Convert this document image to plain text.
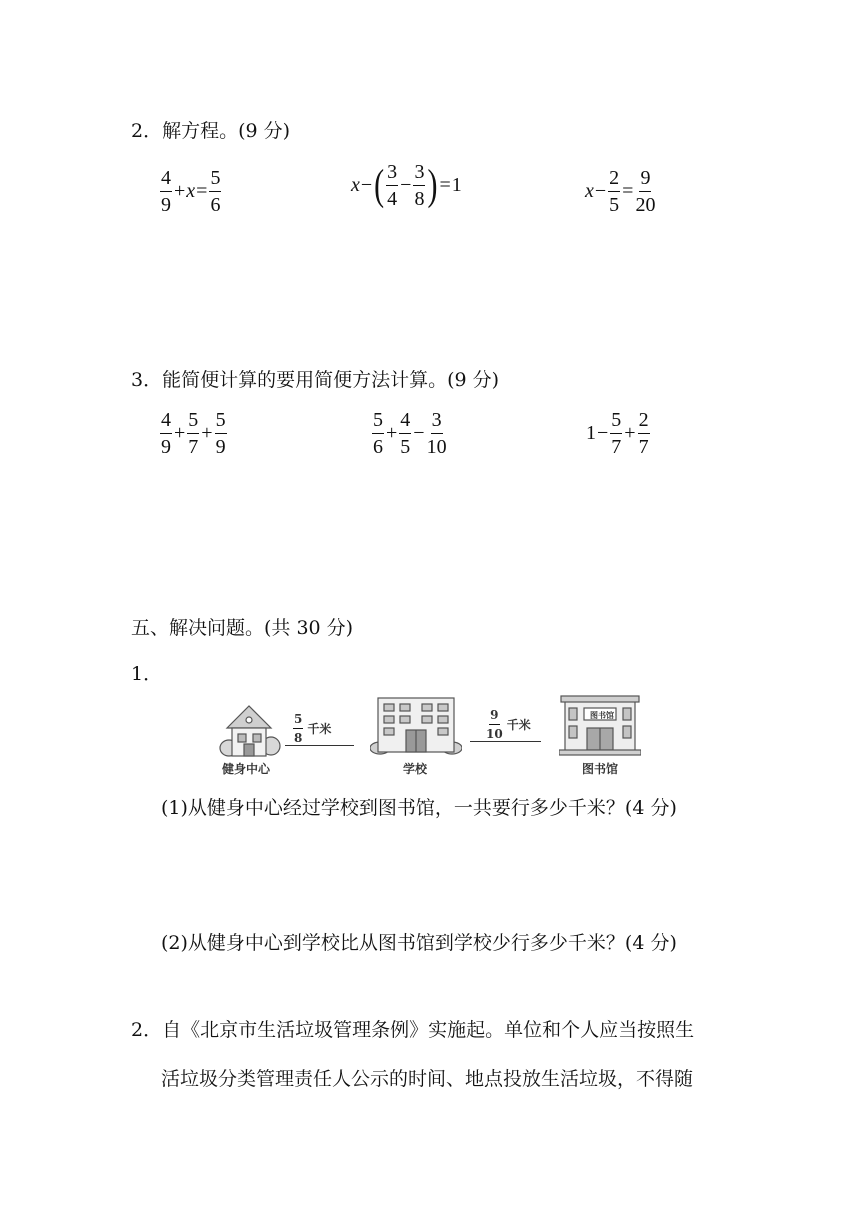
2．解方程。(9 分)
$\frac{4}{9} + x = \frac{5}{6}$	x − ( $\frac{3}{4} - \frac{3}{8}$ ) = 1	$x - \frac{2}{5} = \frac{9}{20}$
3．能简便计算的要用简便方法计算。(9 分)
$\frac{4}{9} + \frac{5}{7} + \frac{5}{9}$	$\frac{5}{6} + \frac{4}{5} - \frac{3}{10}$	$1 - \frac{5}{7} + \frac{2}{7}$
五、解决问题。(共 30 分)
1．
健身中心
$\frac{5}{8}$ 千米
学校
$\frac{9}{10}$ 千米
图书馆
图书馆
(1)从健身中心经过学校到图书馆，一共要行多少千米？(4 分)
(2)从健身中心到学校比从图书馆到学校少行多少千米？(4 分)
2．自《北京市生活垃圾管理条例》实施起。单位和个人应当按照生
活垃圾分类管理责任人公示的时间、地点投放生活垃圾，不得随
